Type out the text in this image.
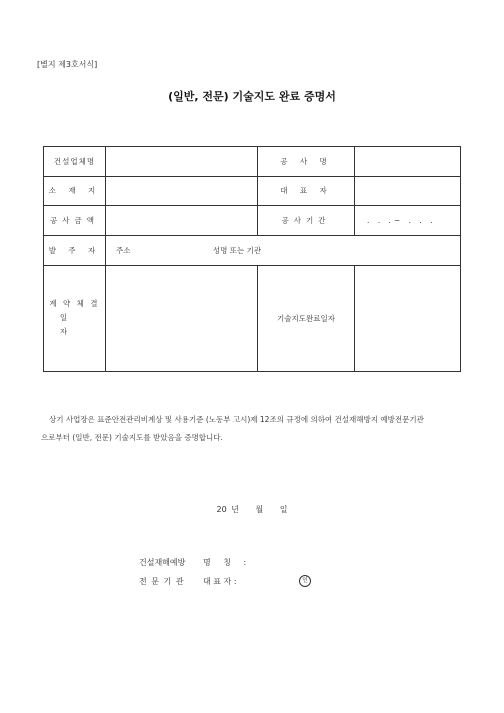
[별지 제3호서식]
(일반, 전문) 기술지도 완료 증명서
건설업체명		공 사 명	
소 재 지		대 표 자	
공사금액		공사기간	. . .~ . . .
발 주 자	주소 성명 또는 기관		

계 약 체 결
일 자		기술지도완료일자	

상기 사업장은 표준안전관리비계상 및 사용기준 (노동부 고시)제 12조의 규정에 의하여 건설재해방지 예방전문기관

으로부터 (일반, 전문) 기술지도를 받았음을 증명합니다.

20 년 월 일
건설재해예방 명 칭 :
전 문 기 관 대 표 자 :	인
